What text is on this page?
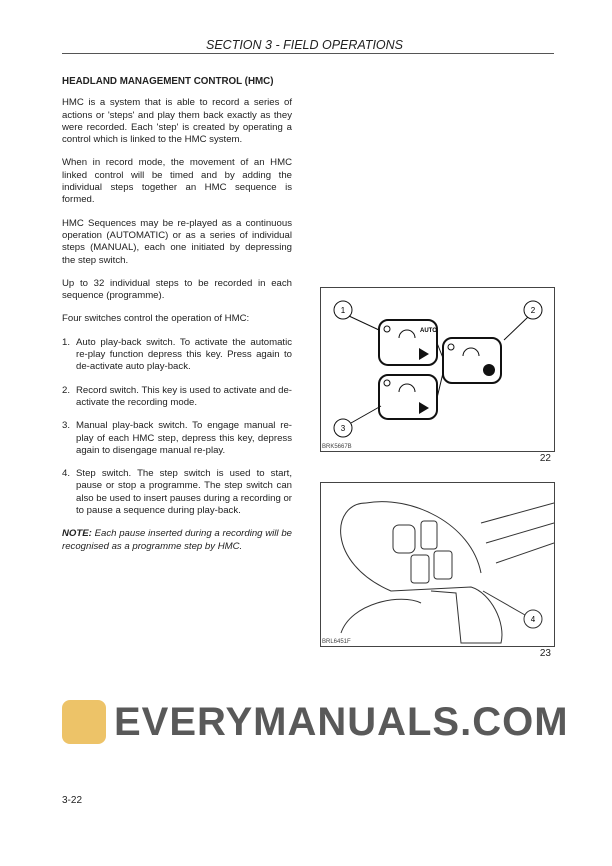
SECTION 3 - FIELD OPERATIONS
HEADLAND MANAGEMENT CONTROL (HMC)

HMC is a system that is able to record a series of actions or 'steps' and play them back exactly as they were recorded. Each 'step' is created by operating a control which is linked to the HMC system.

When in record mode, the movement of an HMC linked control will be timed and by adding the individual steps together an HMC sequence is formed.

HMC Sequences may be re-played as a continuous operation (AUTOMATIC) or as a series of individual steps (MANUAL), each one initiated by depressing the step switch.

Up to 32 individual steps to be recorded in each sequence (programme).

Four switches control the operation of HMC:

1. Auto play-back switch. To activate the automatic re-play function depress this key. Press again to de-activate auto play-back.
2. Record switch. This key is used to activate and de-activate the recording mode.
3. Manual play-back switch. To engage manual re-play of each HMC step, depress this key, depress again to disengage manual re-play.
4. Step switch. The step switch is used to start, pause or stop a programme. The step switch can also be used to insert pauses during a recording or to pause a sequence during play-back.

NOTE: Each pause inserted during a recording will be recognised as a programme step by HMC.

1	2
3
AUTO
BRK5667B
22
4
BRL6451F
23
EVERYMANUALS.COM
3-22
